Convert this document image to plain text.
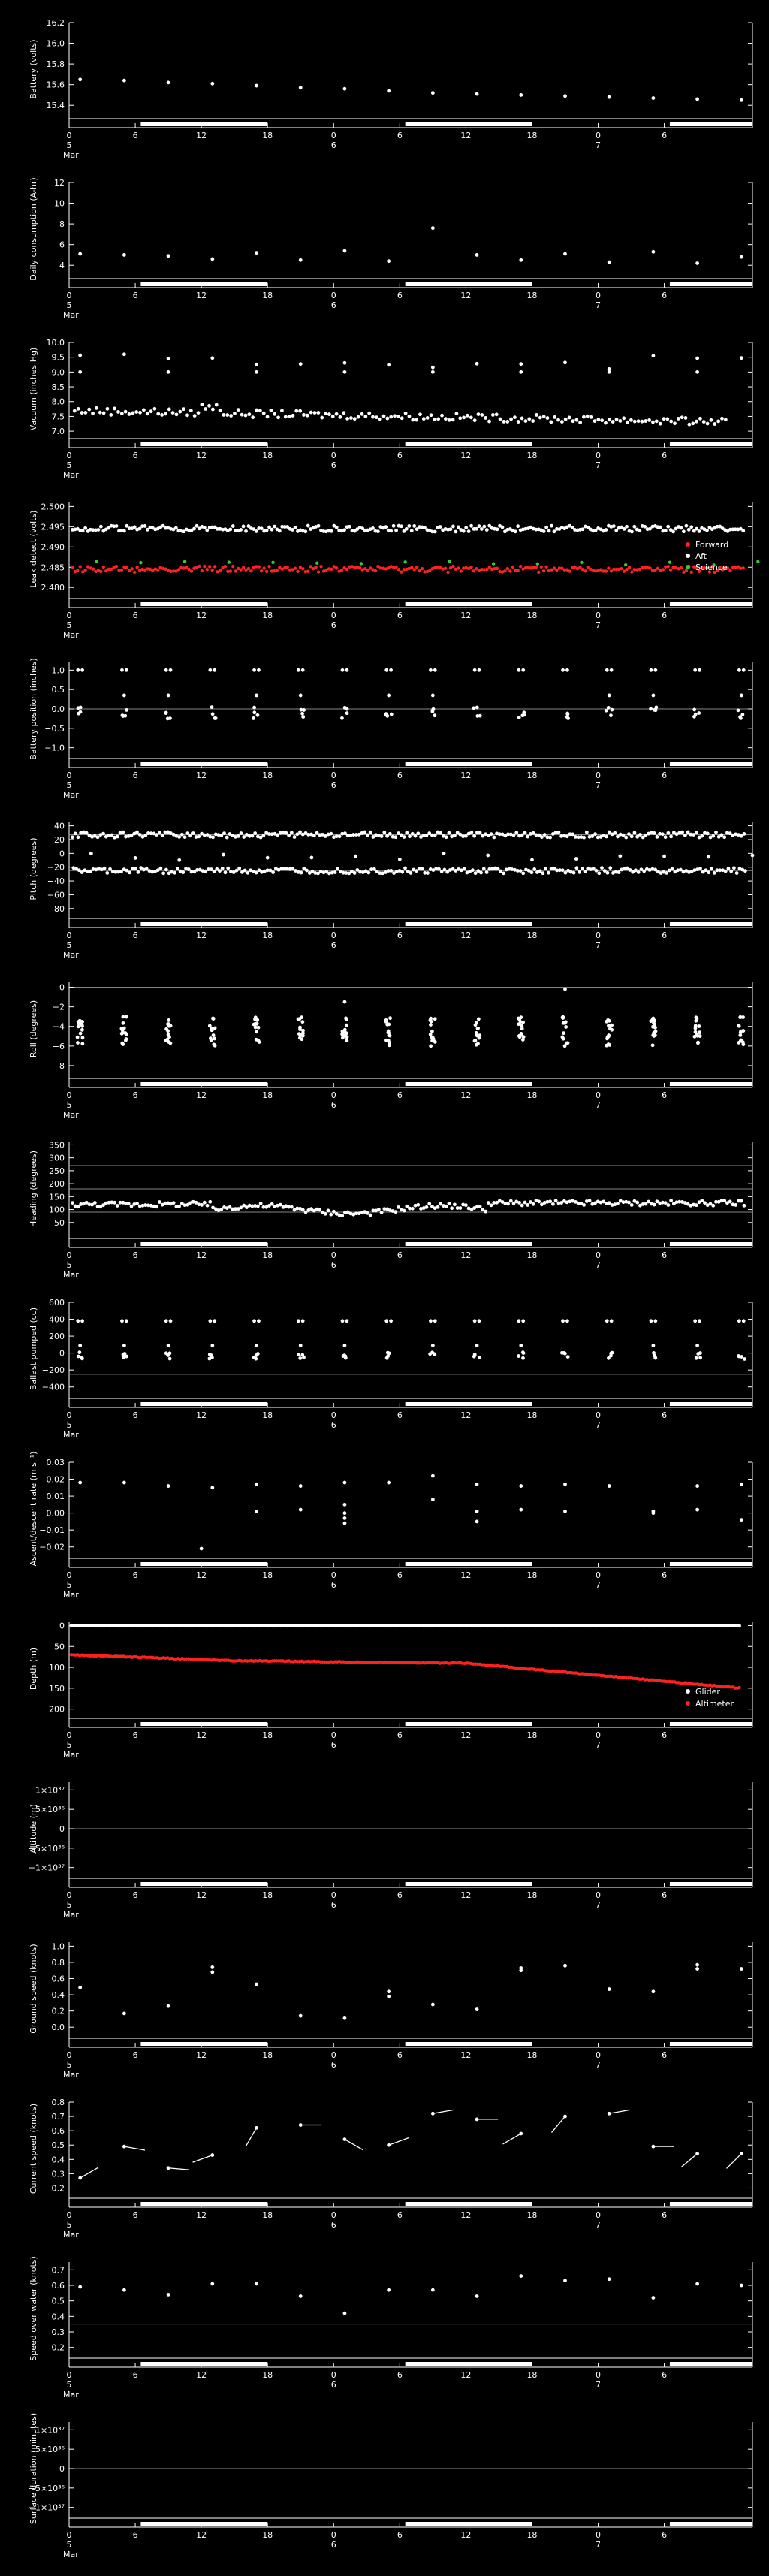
15.4
15.6
15.8
16.0
16.2
Battery (volts)
0	6	12	18	0	6	12	18	0	6
5	6	7
Mar
4
6
8
10
12
Daily consumption (A-hr)
0	6	12	18	0	6	12	18	0	6
5	6	7
Mar
7.0
7.5
8.0
8.5
9.0
9.5
10.0
Vacuum (inches Hg)
0	6	12	18	0	6	12	18	0	6
5	6	7
Mar
2.480
2.485
2.490
2.495
2.500
Leak detect (volts)
0	6	12	18	0	6	12	18	0	6
5	6	7
Mar
Forward
Aft
Science
−1.0
−0.5
0.0
0.5
1.0
Battery position (inches)
0	6	12	18	0	6	12	18	0	6
5	6	7
Mar
−80
−60
−40
−20
0
20
40
Pitch (degrees)
0	6	12	18	0	6	12	18	0	6
5	6	7
Mar
−8
−6
−4
−2
0
Roll (degrees)
0	6	12	18	0	6	12	18	0	6
5	6	7
Mar
50
100
150
200
250
300
350
Heading (degrees)
0	6	12	18	0	6	12	18	0	6
5	6	7
Mar
−400
−200
0
200
400
600
Ballast pumped (cc)
0	6	12	18	0	6	12	18	0	6
5	6	7
Mar
−0.02
−0.01
0.00
0.01
0.02
0.03
Ascent/descent rate (m s⁻¹)
0	6	12	18	0	6	12	18	0	6
5	6	7
Mar
0
50
100
150
200
Depth (m)
0	6	12	18	0	6	12	18	0	6
5	6	7
Mar
Glider
Altimeter
−1×10³⁷
−5×10³⁶
0
5×10³⁶
1×10³⁷
Altitude (m)
0	6	12	18	0	6	12	18	0	6
5	6	7
Mar
0.0
0.2
0.4
0.6
0.8
1.0
Ground speed (knots)
0	6	12	18	0	6	12	18	0	6
5	6	7
Mar
0.2
0.3
0.4
0.5
0.6
0.7
0.8
Current speed (knots)
0	6	12	18	0	6	12	18	0	6
5	6	7
Mar
0.2
0.3
0.4
0.5
0.6
0.7
Speed over water (knots)
0	6	12	18	0	6	12	18	0	6
5	6	7
Mar
−1×10³⁷
−5×10³⁶
0
5×10³⁶
1×10³⁷
Surface duration (minutes)
0	6	12	18	0	6	12	18	0	6
5	6	7
Mar
